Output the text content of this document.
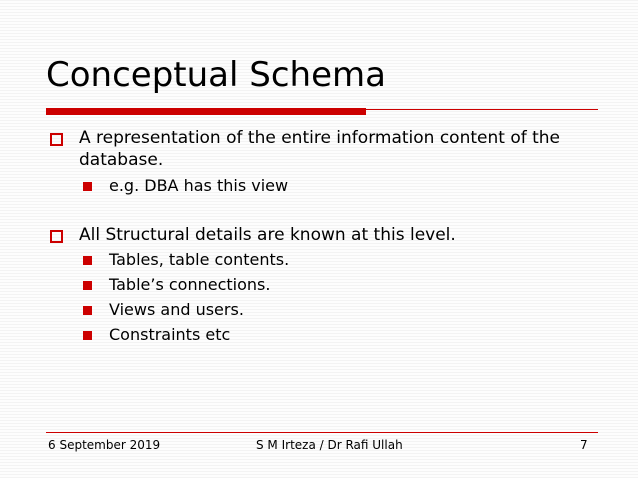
Conceptual Schema
A representation of the entire information content of the database.
e.g. DBA has this view
All Structural details are known at this level.
Tables, table contents.
Table’s connections.
Views and users.
Constraints etc
6 September 2019	S M Irteza / Dr Rafi Ullah	7
